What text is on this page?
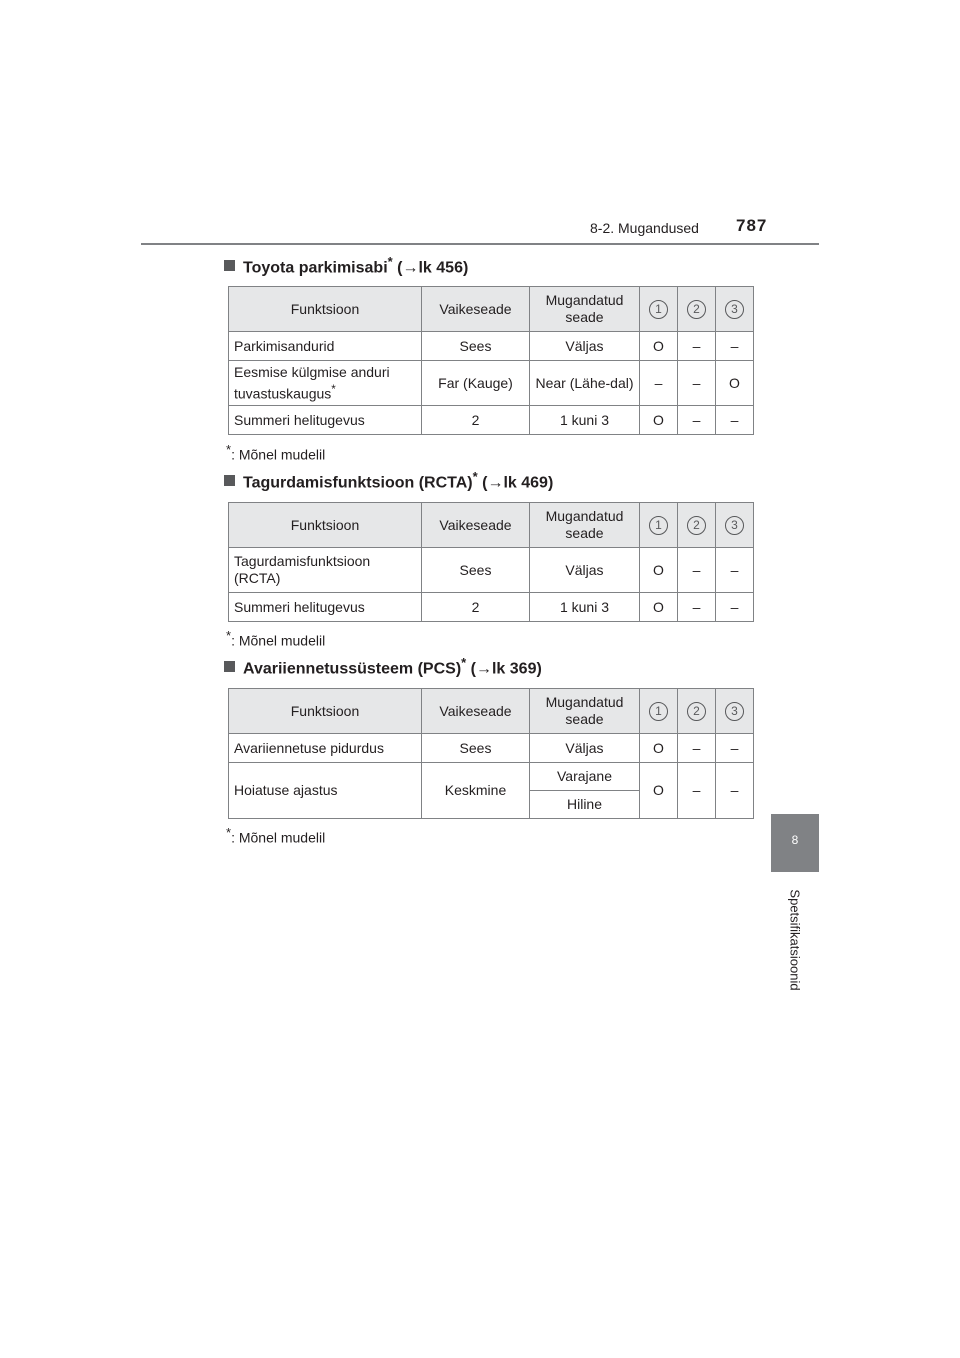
8-2. Mugandused 787
8
Spetsifikatsioonid
Toyota parkimisabi* (→lk 456)
Funktsioon	Vaikeseade	Mugandatud seade	1	2	3
Parkimisandurid	Sees	Väljas	O	–	–
Eesmise külgmise anduri tuvastuskaugus*	Far (Kauge)	Near (Lähe-dal)	–	–	O
Summeri helitugevus	2	1 kuni 3	O	–	–
*: Mõnel mudelil
Tagurdamisfunktsioon (RCTA)* (→lk 469)
Funktsioon	Vaikeseade	Mugandatud seade	1	2	3
Tagurdamisfunktsioon (RCTA)	Sees	Väljas	O	–	–
Summeri helitugevus	2	1 kuni 3	O	–	–
*: Mõnel mudelil
Avariiennetussüsteem (PCS)* (→lk 369)
Funktsioon	Vaikeseade	Mugandatud seade	1	2	3
Avariiennetuse pidurdus	Sees	Väljas	O	–	–
Hoiatuse ajastus	Keskmine	Varajane	O	–	–
		Hiline			
*: Mõnel mudelil
